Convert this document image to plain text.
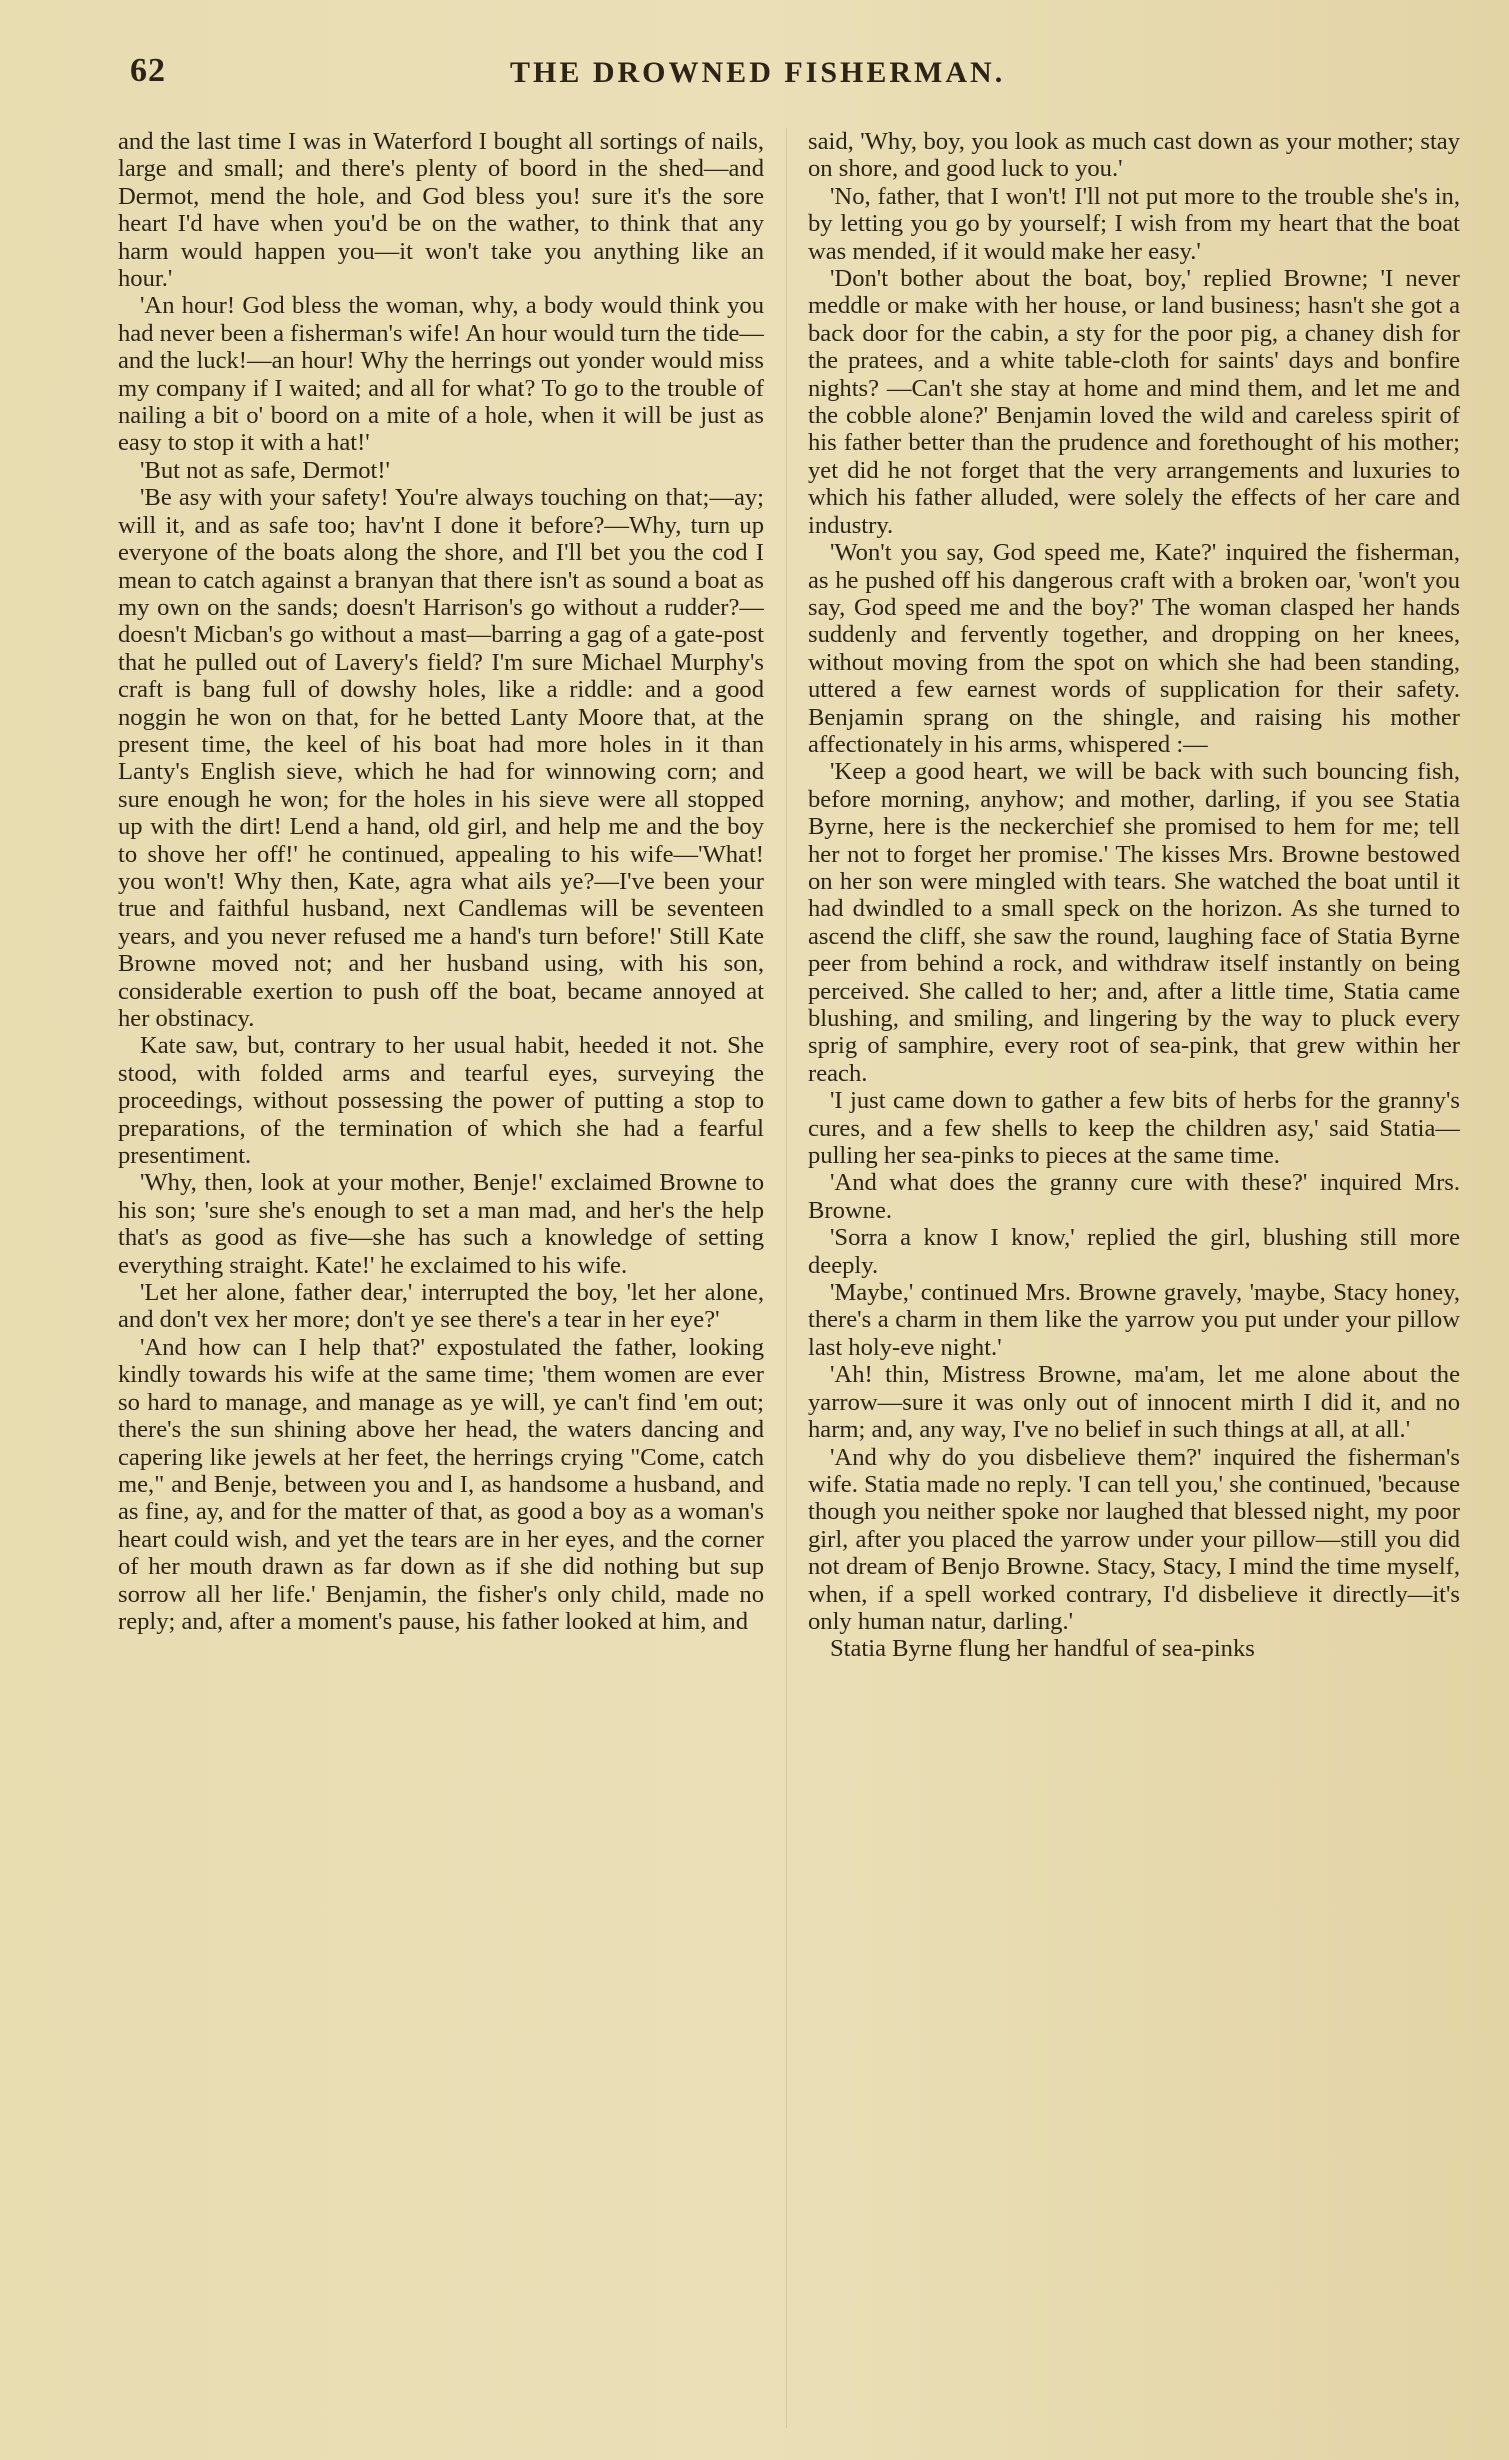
62	THE DROWNED FISHERMAN.

and the last time I was in Waterford I bought all sortings of nails, large and small; and there's plenty of boord in the shed—and Dermot, mend the hole, and God bless you! sure it's the sore heart I'd have when you'd be on the wather, to think that any harm would happen you—it won't take you anything like an hour.'

'An hour! God bless the woman, why, a body would think you had never been a fisherman's wife! An hour would turn the tide—and the luck!—an hour! Why the herrings out yonder would miss my company if I waited; and all for what? To go to the trouble of nailing a bit o' boord on a mite of a hole, when it will be just as easy to stop it with a hat!'

'But not as safe, Dermot!'

'Be asy with your safety! You're always touching on that;—ay; will it, and as safe too; hav'nt I done it before?—Why, turn up everyone of the boats along the shore, and I'll bet you the cod I mean to catch against a branyan that there isn't as sound a boat as my own on the sands; doesn't Harrison's go without a rudder?—doesn't Micban's go without a mast—barring a gag of a gate-post that he pulled out of Lavery's field? I'm sure Michael Murphy's craft is bang full of dowshy holes, like a riddle: and a good noggin he won on that, for he betted Lanty Moore that, at the present time, the keel of his boat had more holes in it than Lanty's English sieve, which he had for winnowing corn; and sure enough he won; for the holes in his sieve were all stopped up with the dirt! Lend a hand, old girl, and help me and the boy to shove her off!' he continued, appealing to his wife—'What! you won't! Why then, Kate, agra what ails ye?—I've been your true and faithful husband, next Candlemas will be seventeen years, and you never refused me a hand's turn before!' Still Kate Browne moved not; and her husband using, with his son, considerable exertion to push off the boat, became annoyed at her obstinacy.

Kate saw, but, contrary to her usual habit, heeded it not. She stood, with folded arms and tearful eyes, surveying the proceedings, without possessing the power of putting a stop to preparations, of the termination of which she had a fearful presentiment.

'Why, then, look at your mother, Benje!' exclaimed Browne to his son; 'sure she's enough to set a man mad, and her's the help that's as good as five—she has such a knowledge of setting everything straight. Kate!' he exclaimed to his wife.

'Let her alone, father dear,' interrupted the boy, 'let her alone, and don't vex her more; don't ye see there's a tear in her eye?'

'And how can I help that?' expostulated the father, looking kindly towards his wife at the same time; 'them women are ever so hard to manage, and manage as ye will, ye can't find 'em out; there's the sun shining above her head, the waters dancing and capering like jewels at her feet, the herrings crying "Come, catch me," and Benje, between you and I, as handsome a husband, and as fine, ay, and for the matter of that, as good a boy as a woman's heart could wish, and yet the tears are in her eyes, and the corner of her mouth drawn as far down as if she did nothing but sup sorrow all her life.' Benjamin, the fisher's only child, made no reply; and, after a moment's pause, his father looked at him, and

said, 'Why, boy, you look as much cast down as your mother; stay on shore, and good luck to you.'

'No, father, that I won't! I'll not put more to the trouble she's in, by letting you go by yourself; I wish from my heart that the boat was mended, if it would make her easy.'

'Don't bother about the boat, boy,' replied Browne; 'I never meddle or make with her house, or land business; hasn't she got a back door for the cabin, a sty for the poor pig, a chaney dish for the pratees, and a white table-cloth for saints' days and bonfire nights? —Can't she stay at home and mind them, and let me and the cobble alone?' Benjamin loved the wild and careless spirit of his father better than the prudence and forethought of his mother; yet did he not forget that the very arrangements and luxuries to which his father alluded, were solely the effects of her care and industry.

'Won't you say, God speed me, Kate?' inquired the fisherman, as he pushed off his dangerous craft with a broken oar, 'won't you say, God speed me and the boy?' The woman clasped her hands suddenly and fervently together, and dropping on her knees, without moving from the spot on which she had been standing, uttered a few earnest words of supplication for their safety. Benjamin sprang on the shingle, and raising his mother affectionately in his arms, whispered :—

'Keep a good heart, we will be back with such bouncing fish, before morning, anyhow; and mother, darling, if you see Statia Byrne, here is the neckerchief she promised to hem for me; tell her not to forget her promise.' The kisses Mrs. Browne bestowed on her son were mingled with tears. She watched the boat until it had dwindled to a small speck on the horizon. As she turned to ascend the cliff, she saw the round, laughing face of Statia Byrne peer from behind a rock, and withdraw itself instantly on being perceived. She called to her; and, after a little time, Statia came blushing, and smiling, and lingering by the way to pluck every sprig of samphire, every root of sea-pink, that grew within her reach.

'I just came down to gather a few bits of herbs for the granny's cures, and a few shells to keep the children asy,' said Statia—pulling her sea-pinks to pieces at the same time.

'And what does the granny cure with these?' inquired Mrs. Browne.

'Sorra a know I know,' replied the girl, blushing still more deeply.

'Maybe,' continued Mrs. Browne gravely, 'maybe, Stacy honey, there's a charm in them like the yarrow you put under your pillow last holy-eve night.'

'Ah! thin, Mistress Browne, ma'am, let me alone about the yarrow—sure it was only out of innocent mirth I did it, and no harm; and, any way, I've no belief in such things at all, at all.'

'And why do you disbelieve them?' inquired the fisherman's wife. Statia made no reply. 'I can tell you,' she continued, 'because though you neither spoke nor laughed that blessed night, my poor girl, after you placed the yarrow under your pillow—still you did not dream of Benjo Browne. Stacy, Stacy, I mind the time myself, when, if a spell worked contrary, I'd disbelieve it directly—it's only human natur, darling.'

Statia Byrne flung her handful of sea-pinks
